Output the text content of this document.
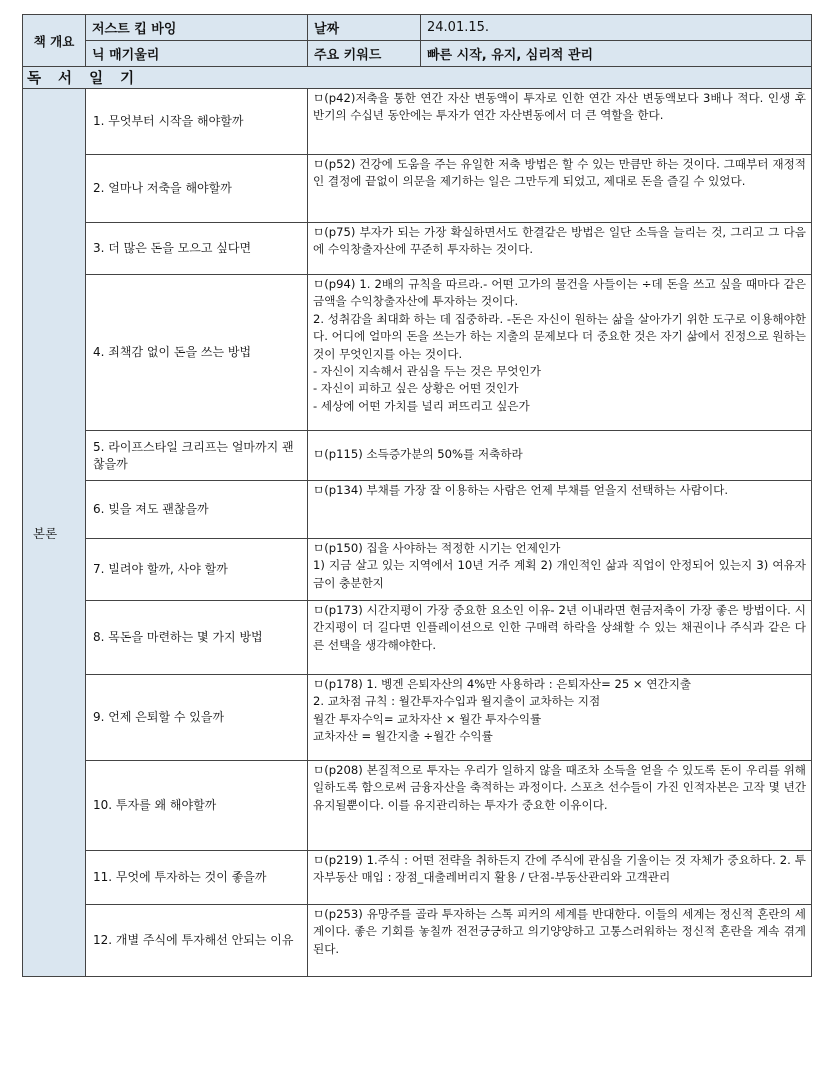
책 개요	저스트 킵 바잉	날짜	24.01.15.
	닉 매기울리	주요 키워드	빠른 시작, 유지, 심리적 관리
독 서 일 기			
본론	1. 무엇부터 시작을 해야할까	ㅁ(p42)저축을 통한 연간 자산 변동액이 투자로 인한 연간 자산 변동액보다 3배나 적다. 인생 후반기의 수십년 동안에는 투자가 연간 자산변동에서 더 큰 역할을 한다.	

	2. 얼마나 저축을 해야할까	ㅁ(p52) 건강에 도움을 주는 유일한 저축 방법은 할 수 있는 만큼만 하는 것이다. 그때부터 재정적인 결정에 끝없이 의문을 제기하는 일은 그만두게 되었고, 제대로 돈을 즐길 수 있었다.	

	3. 더 많은 돈을 모으고 싶다면	ㅁ(p75) 부자가 되는 가장 확실하면서도 한결같은 방법은 일단 소득을 늘리는 것, 그리고 그 다음에 수익창출자산에 꾸준히 투자하는 것이다.	

	4. 죄책감 없이 돈을 쓰는 방법	ㅁ(p94) 1. 2배의 규칙을 따르라.- 어떤 고가의 물건을 사들이는 ÷데 돈을 쓰고 싶을 때마다 같은 금액을 수익창출자산에 투자하는 것이다.
2. 성취감을 최대화 하는 데 집중하라. -돈은 자신이 원하는 삶을 살아가기 위한 도구로 이용해야한다. 어디에 얼마의 돈을 쓰는가 하는 지출의 문제보다 더 중요한 것은 자기 삶에서 진정으로 원하는 것이 무엇인지를 아는 것이다.
- 자신이 지속해서 관심을 두는 것은 무엇인가
- 자신이 피하고 싶은 상황은 어떤 것인가
- 세상에 어떤 가치를 널리 퍼뜨리고 싶은가	

	5. 라이프스타일 크리프는 얼마까지 괜찮을까	ㅁ(p115) 소득증가분의 50%를 저축하라	

	6. 빚을 져도 괜찮을까	ㅁ(p134) 부채를 가장 잘 이용하는 사람은 언제 부채를 얻을지 선택하는 사람이다.	

	7. 빌려야 할까, 사야 할까	ㅁ(p150) 집을 사야하는 적정한 시기는 언제인가
1) 지금 살고 있는 지역에서 10년 거주 계획 2) 개인적인 삶과 직업이 안정되어 있는지 3) 여유자금이 충분한지	

	8. 목돈을 마련하는 몇 가지 방법	ㅁ(p173) 시간지평이 가장 중요한 요소인 이유- 2년 이내라면 현금저축이 가장 좋은 방법이다. 시간지평이 더 길다면 인플레이션으로 인한 구매력 하락을 상쇄할 수 있는 채권이나 주식과 같은 다른 선택을 생각해야한다.	

	9. 언제 은퇴할 수 있을까	ㅁ(p178) 1. 벵겐 은퇴자산의 4%만 사용하라 : 은퇴자산= 25 × 연간지출
2. 교차점 규칙 : 월간투자수입과 월지출이 교차하는 지점
월간 투자수익= 교차자산 × 월간 투자수익률
교차자산 = 월간지출 ÷월간 수익률	

	10. 투자를 왜 해야할까	ㅁ(p208) 본질적으로 투자는 우리가 일하지 않을 때조차 소득을 얻을 수 있도록 돈이 우리를 위해 일하도록 함으로써 금융자산을 축적하는 과정이다. 스포츠 선수들이 가진 인적자본은 고작 몇 년간 유지될뿐이다. 이를 유지관리하는 투자가 중요한 이유이다.	

	11. 무엇에 투자하는 것이 좋을까	ㅁ(p219) 1.주식 : 어떤 전략을 취하든지 간에 주식에 관심을 기울이는 것 자체가 중요하다. 2. 투자부동산 매입 : 장점_대출레버리지 활용 / 단점-부동산관리와 고객관리	

	12. 개별 주식에 투자해선 안되는 이유	ㅁ(p253) 유망주를 골라 투자하는 스톡 피커의 세계를 반대한다. 이들의 세계는 정신적 혼란의 세계이다. 좋은 기회를 놓칠까 전전긍긍하고 의기양양하고 고통스러워하는 정신적 혼란을 계속 겪게 된다.	
